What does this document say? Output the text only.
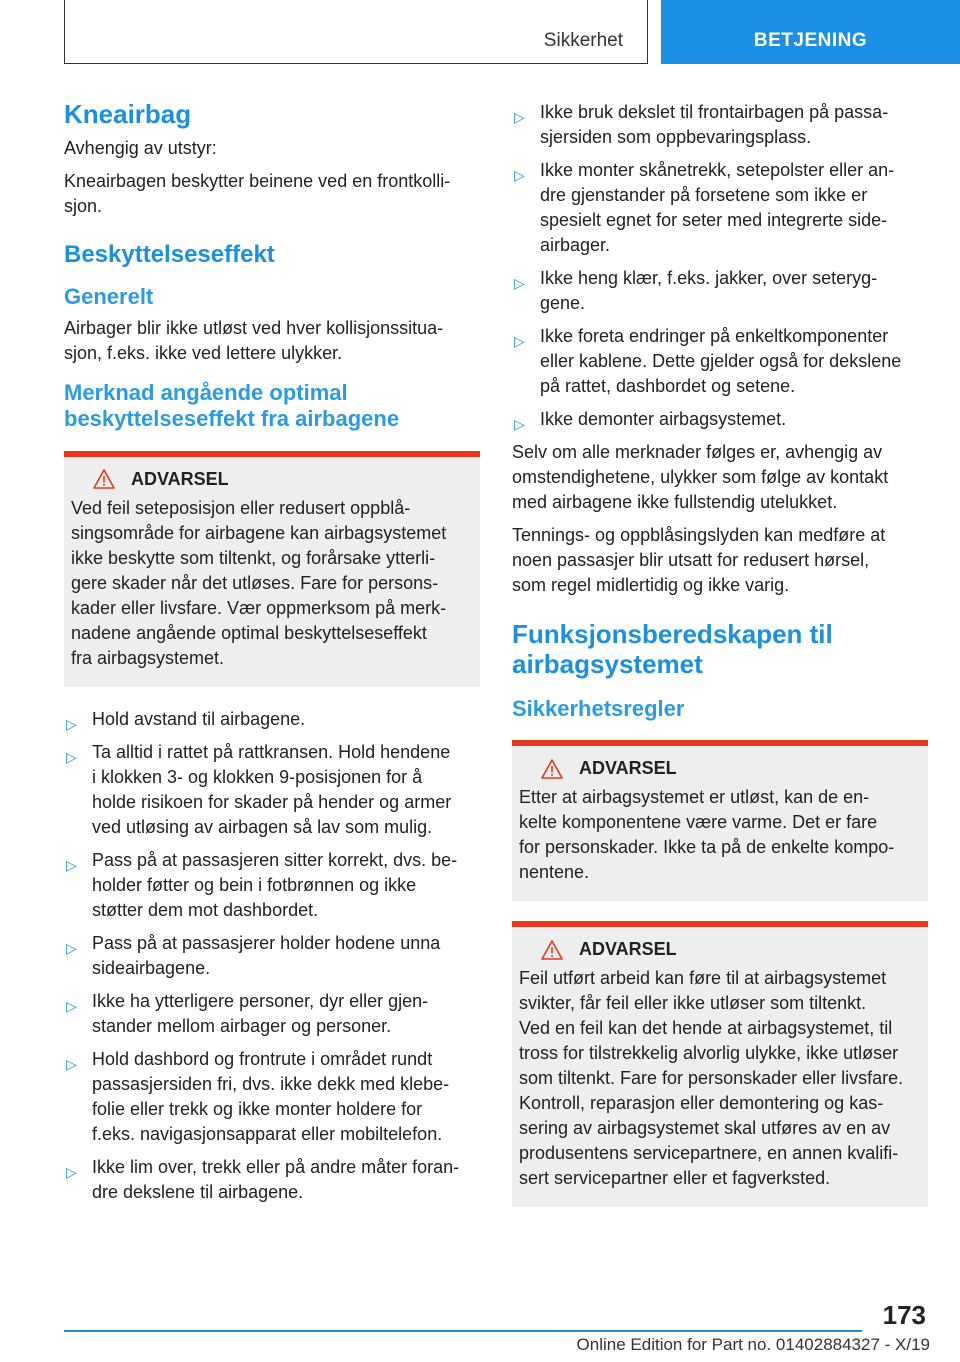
Sikkerhet	BETJENING
Kneairbag

Avhengig av utstyr:

Kneairbagen beskytter beinene ved en frontkolli-
sjon.

Beskyttelseseffekt
Generelt

Airbager blir ikke utløst ved hver kollisjonssitua-
sjon, f.eks. ikke ved lettere ulykker.

Merknad angående optimal
beskyttelseseffekt fra airbagene
ADVARSEL

Ved feil seteposisjon eller redusert oppblå-
singsområde for airbagene kan airbagsystemet
ikke beskytte som tiltenkt, og forårsake ytterli-
gere skader når det utløses. Fare for persons-
kader eller livsfare. Vær oppmerksom på merk-
nadene angående optimal beskyttelseseffekt
fra airbagsystemet.

▷ Hold avstand til airbagene.
▷ Ta alltid i rattet på rattkransen. Hold hendene
i klokken 3- og klokken 9-posisjonen for å
holde risikoen for skader på hender og armer
ved utløsing av airbagen så lav som mulig.
▷ Pass på at passasjeren sitter korrekt, dvs. be-
holder føtter og bein i fotbrønnen og ikke
støtter dem mot dashbordet.
▷ Pass på at passasjerer holder hodene unna
sideairbagene.
▷ Ikke ha ytterligere personer, dyr eller gjen-
stander mellom airbager og personer.
▷ Hold dashbord og frontrute i området rundt
passasjersiden fri, dvs. ikke dekk med klebe-
folie eller trekk og ikke monter holdere for
f.eks. navigasjonsapparat eller mobiltelefon.
▷ Ikke lim over, trekk eller på andre måter foran-
dre dekslene til airbagene.
▷ Ikke bruk dekslet til frontairbagen på passa-
sjersiden som oppbevaringsplass.
▷ Ikke monter skånetrekk, setepolster eller an-
dre gjenstander på forsetene som ikke er
spesielt egnet for seter med integrerte side-
airbager.
▷ Ikke heng klær, f.eks. jakker, over seteryg-
gene.
▷ Ikke foreta endringer på enkeltkomponenter
eller kablene. Dette gjelder også for dekslene
på rattet, dashbordet og setene.
▷ Ikke demonter airbagsystemet.

Selv om alle merknader følges er, avhengig av
omstendighetene, ulykker som følge av kontakt
med airbagene ikke fullstendig utelukket.

Tennings- og oppblåsingslyden kan medføre at
noen passasjer blir utsatt for redusert hørsel,
som regel midlertidig og ikke varig.

Funksjonsberedskapen til
airbagsystemet
Sikkerhetsregler
ADVARSEL

Etter at airbagsystemet er utløst, kan de en-
kelte komponentene være varme. Det er fare
for personskader. Ikke ta på de enkelte kompo-
nentene.

ADVARSEL

Feil utført arbeid kan føre til at airbagsystemet
svikter, får feil eller ikke utløser som tiltenkt.
Ved en feil kan det hende at airbagsystemet, til
tross for tilstrekkelig alvorlig ulykke, ikke utløser
som tiltenkt. Fare for personskader eller livsfare.
Kontroll, reparasjon eller demontering og kas-
sering av airbagsystemet skal utføres av en av
produsentens servicepartnere, en annen kvalifi-
sert servicepartner eller et fagverksted.

173
Online Edition for Part no. 01402884327 - X/19
